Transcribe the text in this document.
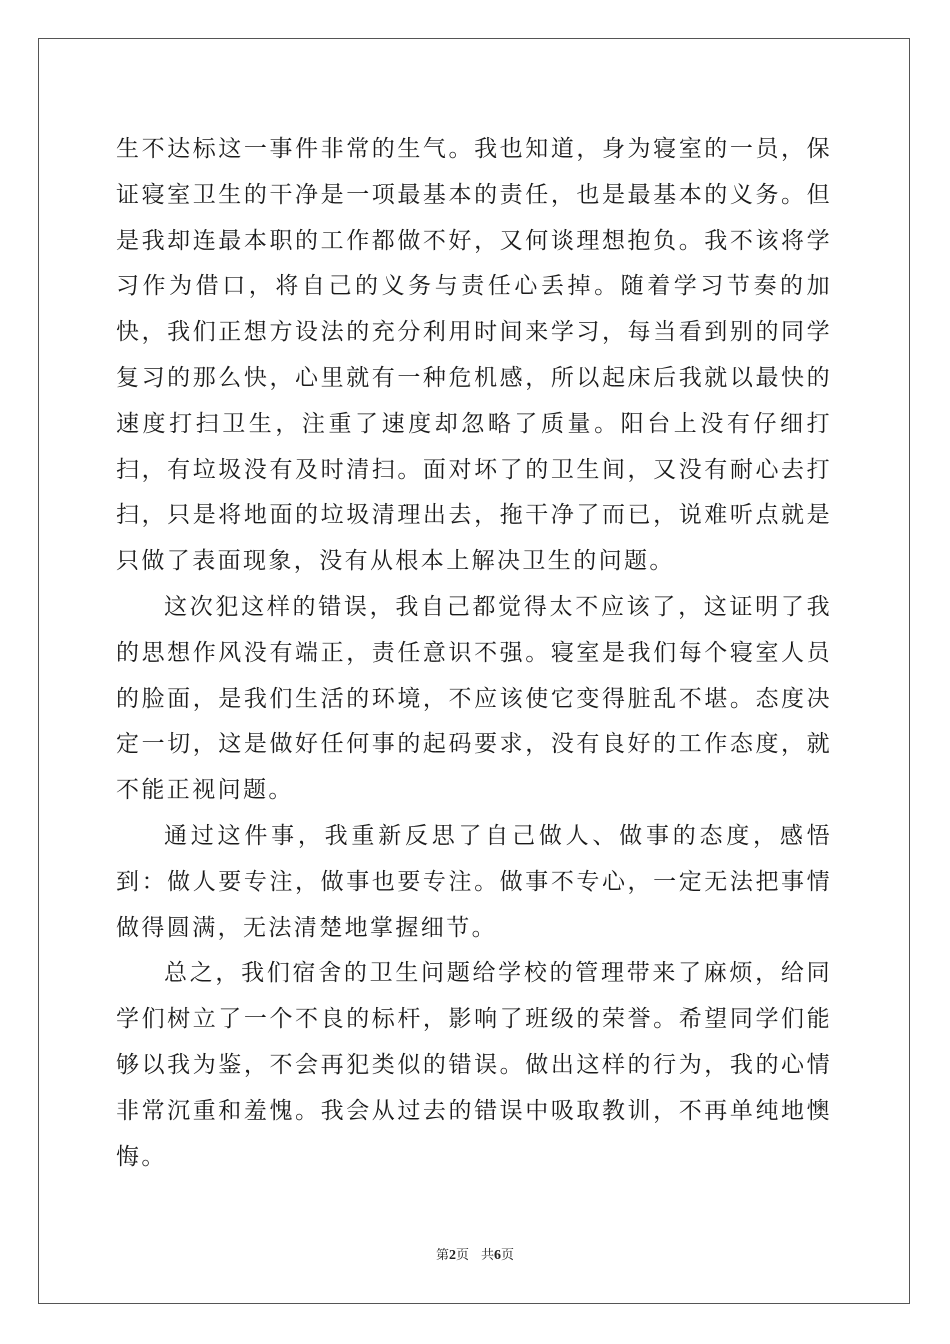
生不达标这一事件非常的生气。我也知道，身为寝室的一员，保证寝室卫生的干净是一项最基本的责任，也是最基本的义务。但是我却连最本职的工作都做不好，又何谈理想抱负。我不该将学习作为借口，将自己的义务与责任心丢掉。随着学习节奏的加快，我们正想方设法的充分利用时间来学习，每当看到别的同学复习的那么快，心里就有一种危机感，所以起床后我就以最快的速度打扫卫生，注重了速度却忽略了质量。阳台上没有仔细打扫，有垃圾没有及时清扫。面对坏了的卫生间，又没有耐心去打扫，只是将地面的垃圾清理出去，拖干净了而已，说难听点就是只做了表面现象，没有从根本上解决卫生的问题。

这次犯这样的错误，我自己都觉得太不应该了，这证明了我的思想作风没有端正，责任意识不强。寝室是我们每个寝室人员的脸面，是我们生活的环境，不应该使它变得脏乱不堪。态度决定一切，这是做好任何事的起码要求，没有良好的工作态度，就不能正视问题。

通过这件事，我重新反思了自己做人、做事的态度，感悟到：做人要专注，做事也要专注。做事不专心，一定无法把事情做得圆满，无法清楚地掌握细节。

总之，我们宿舍的卫生问题给学校的管理带来了麻烦，给同学们树立了一个不良的标杆，影响了班级的荣誉。希望同学们能够以我为鉴，不会再犯类似的错误。做出这样的行为，我的心情非常沉重和羞愧。我会从过去的错误中吸取教训，不再单纯地懊悔。

第2页 共6页
